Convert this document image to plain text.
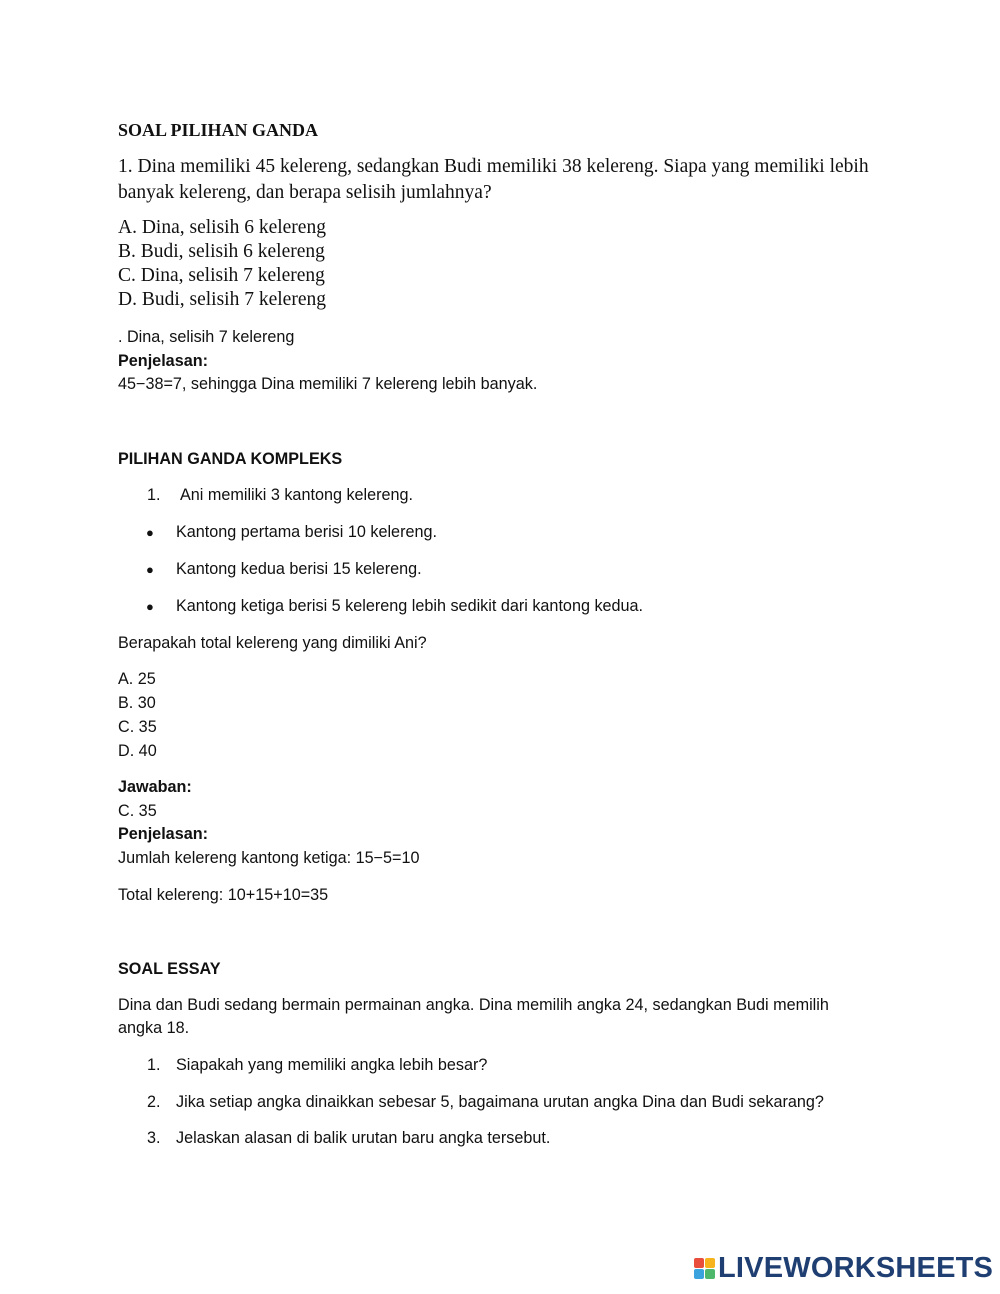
SOAL PILIHAN GANDA
1. Dina memiliki 45 kelereng, sedangkan Budi memiliki 38 kelereng. Siapa yang memiliki lebih
banyak kelereng, dan berapa selisih jumlahnya?
A. Dina, selisih 6 kelereng
B. Budi, selisih 6 kelereng
C. Dina, selisih 7 kelereng
D. Budi, selisih 7 kelereng
. Dina, selisih 7 kelereng
Penjelasan:
45−38=7, sehingga Dina memiliki 7 kelereng lebih banyak.
PILIHAN GANDA KOMPLEKS
1. Ani memiliki 3 kantong kelereng.
● Kantong pertama berisi 10 kelereng.
● Kantong kedua berisi 15 kelereng.
● Kantong ketiga berisi 5 kelereng lebih sedikit dari kantong kedua.
Berapakah total kelereng yang dimiliki Ani?
A. 25
B. 30
C. 35
D. 40
Jawaban:
C. 35
Penjelasan:
Jumlah kelereng kantong ketiga: 15−5=10
Total kelereng: 10+15+10=35
SOAL ESSAY
Dina dan Budi sedang bermain permainan angka. Dina memilih angka 24, sedangkan Budi memilih
angka 18.
1. Siapakah yang memiliki angka lebih besar?
2. Jika setiap angka dinaikkan sebesar 5, bagaimana urutan angka Dina dan Budi sekarang?
3. Jelaskan alasan di balik urutan baru angka tersebut.
LIVEWORKSHEETS
